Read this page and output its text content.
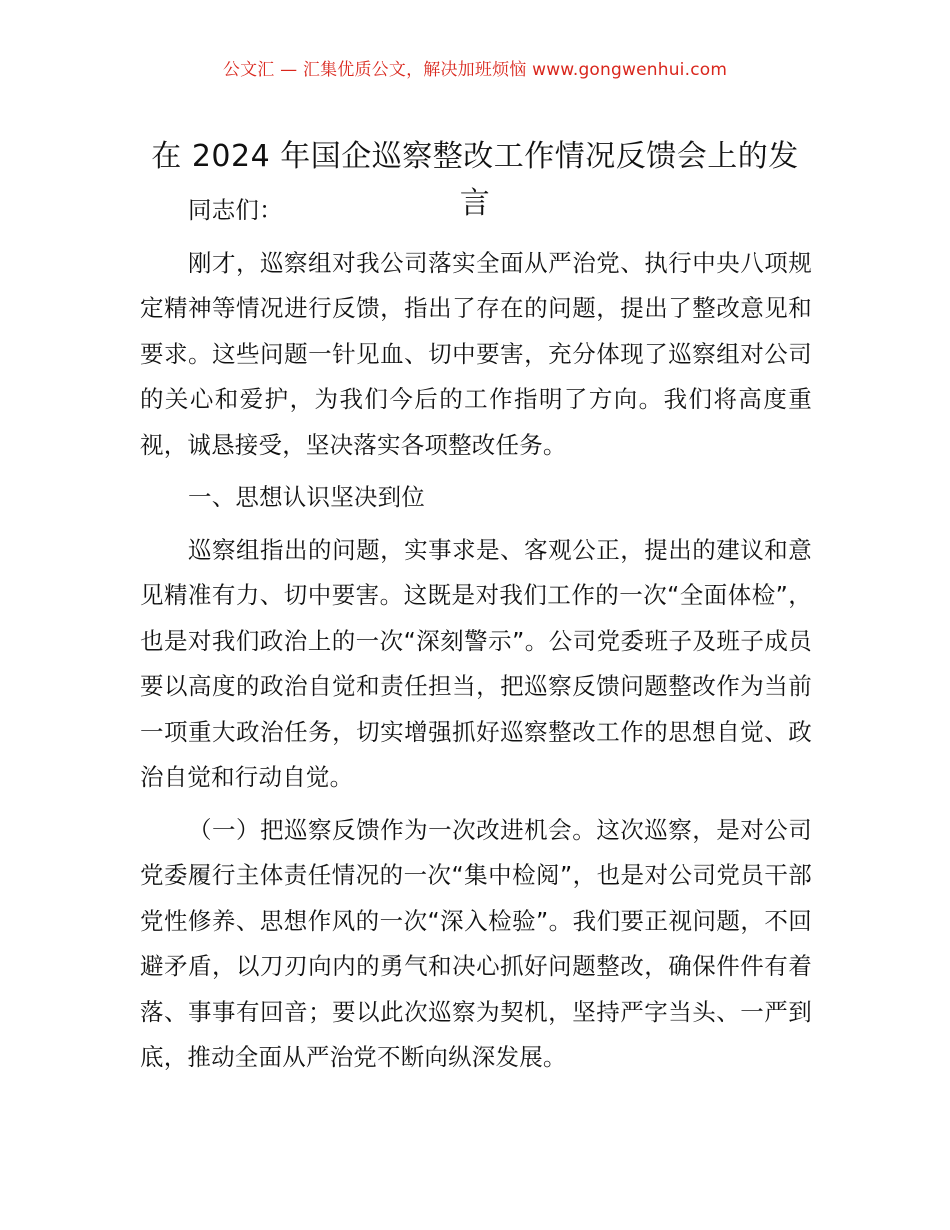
公文汇 — 汇集优质公文，解决加班烦恼 www.gongwenhui.com
在 2024 年国企巡察整改工作情况反馈会上的发言

同志们：

刚才，巡察组对我公司落实全面从严治党、执行中央八项规定精神等情况进行反馈，指出了存在的问题，提出了整改意见和要求。这些问题一针见血、切中要害，充分体现了巡察组对公司的关心和爱护，为我们今后的工作指明了方向。我们将高度重视，诚恳接受，坚决落实各项整改任务。

一、思想认识坚决到位

巡察组指出的问题，实事求是、客观公正，提出的建议和意见精准有力、切中要害。这既是对我们工作的一次“全面体检”，也是对我们政治上的一次“深刻警示”。公司党委班子及班子成员要以高度的政治自觉和责任担当，把巡察反馈问题整改作为当前一项重大政治任务，切实增强抓好巡察整改工作的思想自觉、政治自觉和行动自觉。

（一）把巡察反馈作为一次改进机会。这次巡察，是对公司党委履行主体责任情况的一次“集中检阅”，也是对公司党员干部党性修养、思想作风的一次“深入检验”。我们要正视问题，不回避矛盾，以刀刃向内的勇气和决心抓好问题整改，确保件件有着落、事事有回音；要以此次巡察为契机，坚持严字当头、一严到底，推动全面从严治党不断向纵深发展。
